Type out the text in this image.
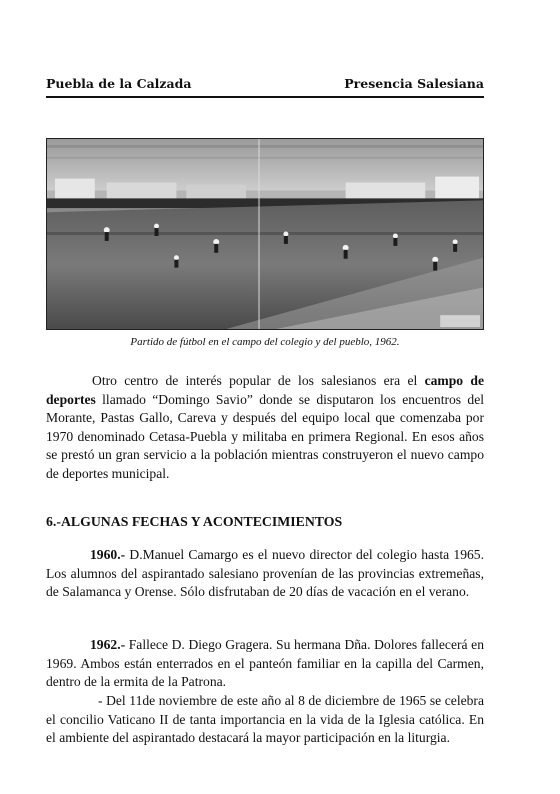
Puebla de la Calzada	Presencia Salesiana
Partido de fútbol en el campo del colegio y del pueblo, 1962.

Otro centro de interés popular de los salesianos era el campo de deportes llamado “Domingo Savio” donde se disputaron los encuentros del Morante, Pastas Gallo, Careva y después del equipo local que comenzaba por 1970 denominado Cetasa-Puebla y militaba en primera Regional. En esos años se prestó un gran servicio a la población mientras construyeron el nuevo campo de deportes municipal.

6.-ALGUNAS FECHAS Y ACONTECIMIENTOS

1960.- D.Manuel Camargo es el nuevo director del colegio hasta 1965. Los alumnos del aspirantado salesiano provenían de las provincias extremeñas, de Salamanca y Orense. Sólo disfrutaban de 20 días de vacación en el verano.

1962.- Fallece D. Diego Gragera. Su hermana Dña. Dolores fallecerá en 1969. Ambos están enterrados en el panteón familiar en la capilla del Carmen, dentro de la ermita de la Patrona.

- Del 11de noviembre de este año al 8 de diciembre de 1965 se celebra el concilio Vaticano II de tanta importancia en la vida de la Iglesia católica. En el ambiente del aspirantado destacará la mayor participación en la liturgia.
